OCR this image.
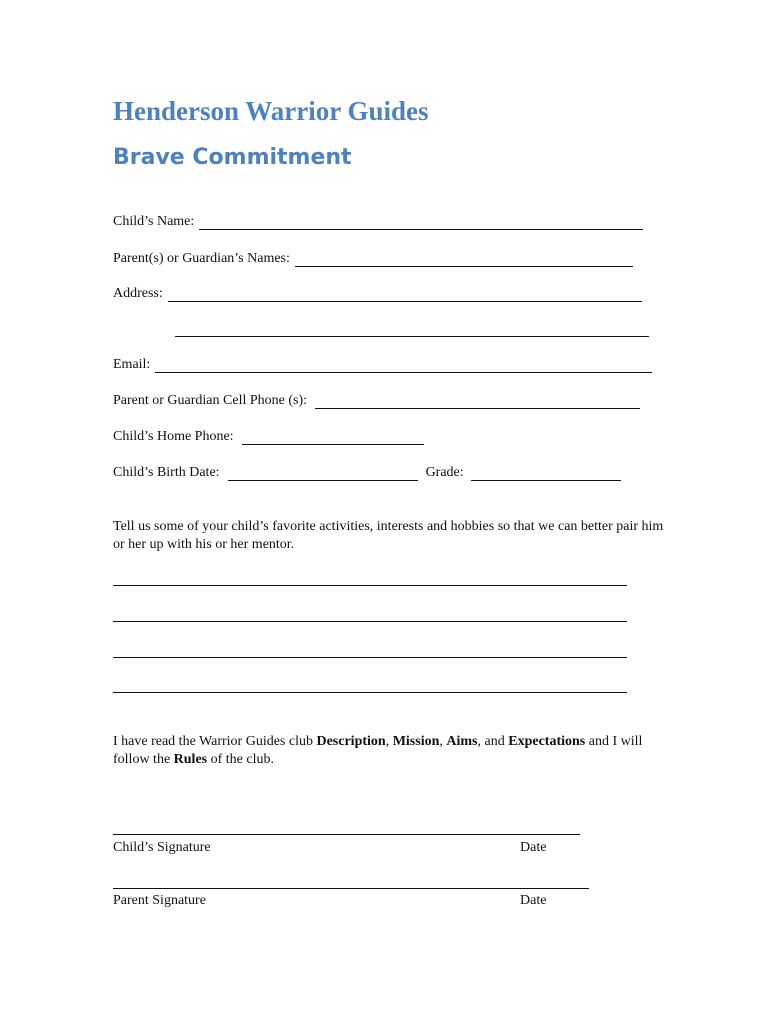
Henderson Warrior Guides
Brave Commitment
Child’s Name:
Parent(s) or Guardian’s Names:
Address:
Email:
Parent or Guardian Cell Phone (s):
Child’s Home Phone:
Child’s Birth Date:	Grade:
Tell us some of your child’s favorite activities, interests and hobbies so that we can better pair him or her up with his or her mentor.
I have read the Warrior Guides club Description, Mission, Aims, and Expectations and I will follow the Rules of the club.
Child’s Signature	Date
Parent Signature	Date
